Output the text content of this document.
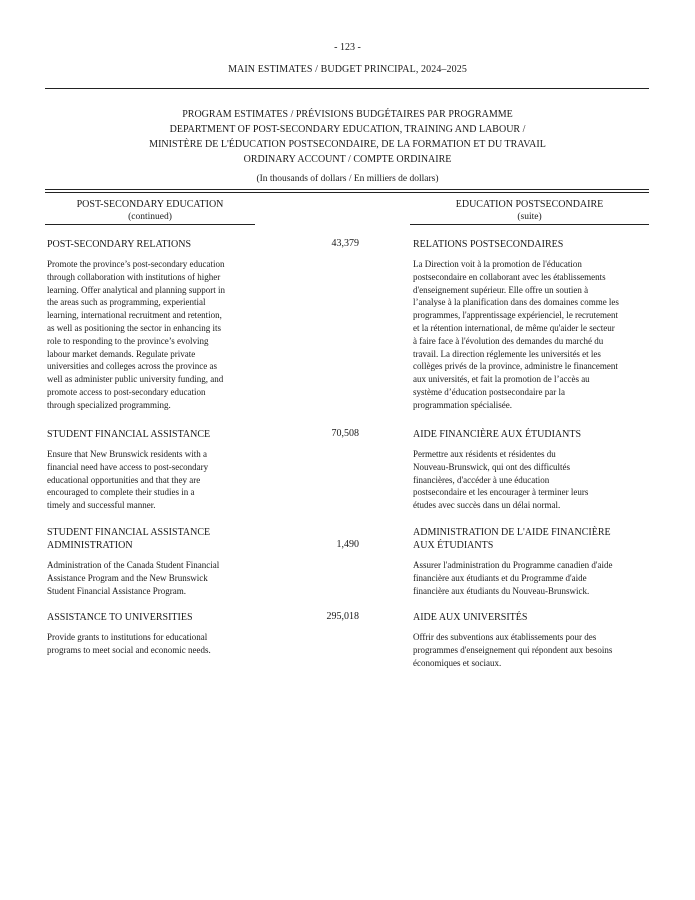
- 123 -
MAIN ESTIMATES / BUDGET PRINCIPAL, 2024–2025
PROGRAM ESTIMATES / PRÉVISIONS BUDGÉTAIRES PAR PROGRAMME
DEPARTMENT OF POST-SECONDARY EDUCATION, TRAINING AND LABOUR /
MINISTÈRE DE L'ÉDUCATION POSTSECONDAIRE, DE LA FORMATION ET DU TRAVAIL
ORDINARY ACCOUNT / COMPTE ORDINAIRE
(In thousands of dollars / En milliers de dollars)
POST-SECONDARY EDUCATION
(continued)
EDUCATION POSTSECONDAIRE
(suite)
POST-SECONDARY RELATIONS	43,379	RELATIONS POSTSECONDAIRES
Promote the province’s post-secondary education
through collaboration with institutions of higher
learning. Offer analytical and planning support in
the areas such as programming, experiential
learning, international recruitment and retention,
as well as positioning the sector in enhancing its
role to responding to the province’s evolving
labour market demands. Regulate private
universities and colleges across the province as
well as administer public university funding, and
promote access to post-secondary education
through specialized programming.
La Direction voit à la promotion de l'éducation
postsecondaire en collaborant avec les établissements
d'enseignement supérieur. Elle offre un soutien à
l’analyse à la planification dans des domaines comme les
programmes, l'apprentissage expérienciel, le recrutement
et la rétention international, de même qu'aider le secteur
à faire face à l'évolution des demandes du marché du
travail. La direction réglemente les universités et les
collèges privés de la province, administre le financement
aux universités, et fait la promotion de l’accès au
système d’éducation postsecondaire par la
programmation spécialisée.
STUDENT FINANCIAL ASSISTANCE	70,508	AIDE FINANCIÈRE AUX ÉTUDIANTS
Ensure that New Brunswick residents with a
financial need have access to post-secondary
educational opportunities and that they are
encouraged to complete their studies in a
timely and successful manner.
Permettre aux résidents et résidentes du
Nouveau-Brunswick, qui ont des difficultés
financières, d'accéder à une éducation
postsecondaire et les encourager à terminer leurs
études avec succès dans un délai normal.
STUDENT FINANCIAL ASSISTANCE
ADMINISTRATION	1,490
ADMINISTRATION DE L'AIDE FINANCIÈRE
AUX ÉTUDIANTS
Administration of the Canada Student Financial
Assistance Program and the New Brunswick
Student Financial Assistance Program.
Assurer l'administration du Programme canadien d'aide
financière aux étudiants et du Programme d'aide
financière aux étudiants du Nouveau-Brunswick.
ASSISTANCE TO UNIVERSITIES	295,018	AIDE AUX UNIVERSITÉS
Provide grants to institutions for educational
programs to meet social and economic needs.
Offrir des subventions aux établissements pour des
programmes d'enseignement qui répondent aux besoins
économiques et sociaux.
